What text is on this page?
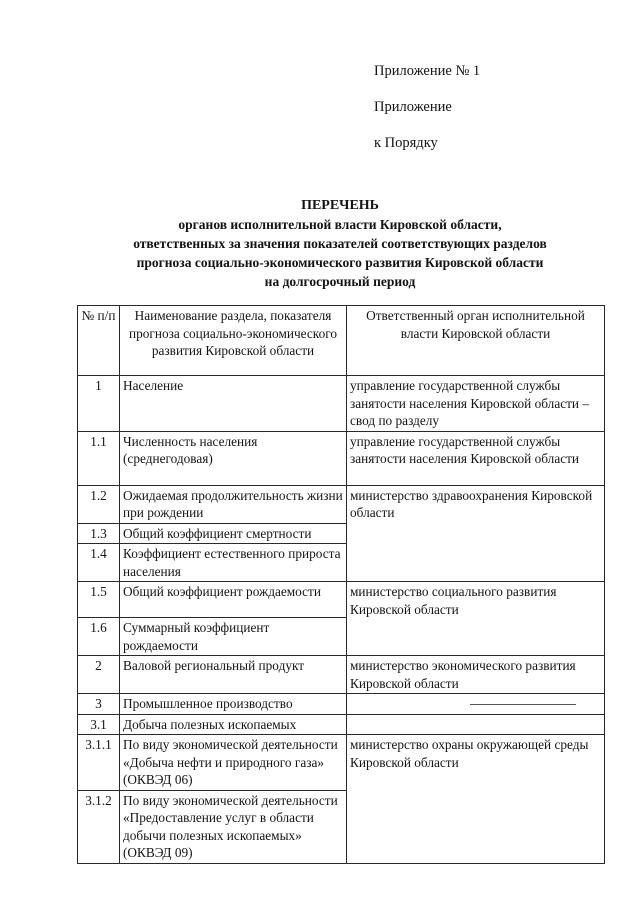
Приложение № 1
Приложение
к Порядку
ПЕРЕЧЕНЬ
органов исполнительной власти Кировской области,
ответственных за значения показателей соответствующих разделов
прогноза социально-экономического развития Кировской области
на долгосрочный период
№ п/п	Наименование раздела, показателя прогноза социально-экономического развития Кировской области	Ответственный орган исполнительной власти Кировской области
1	Население	управление государственной службы занятости населения Кировской области – свод по разделу
1.1	Численность населения (среднегодовая)	управление государственной службы занятости населения Кировской области
1.2	Ожидаемая продолжительность жизни при рождении	министерство здравоохранения Кировской области
1.3	Общий коэффициент смертности	
1.4	Коэффициент естественного прироста населения	
1.5	Общий коэффициент рождаемости	министерство социального развития Кировской области
1.6	Суммарный коэффициент рождаемости	
2	Валовой региональный продукт	министерство экономического развития Кировской области
3	Промышленное производство	

3.1	Добыча полезных ископаемых	
3.1.1	По виду экономической деятельности «Добыча нефти и природного газа» (ОКВЭД 06)	министерство охраны окружающей среды Кировской области
3.1.2	По виду экономической деятельности «Предоставление услуг в области добычи полезных ископаемых» (ОКВЭД 09)	
